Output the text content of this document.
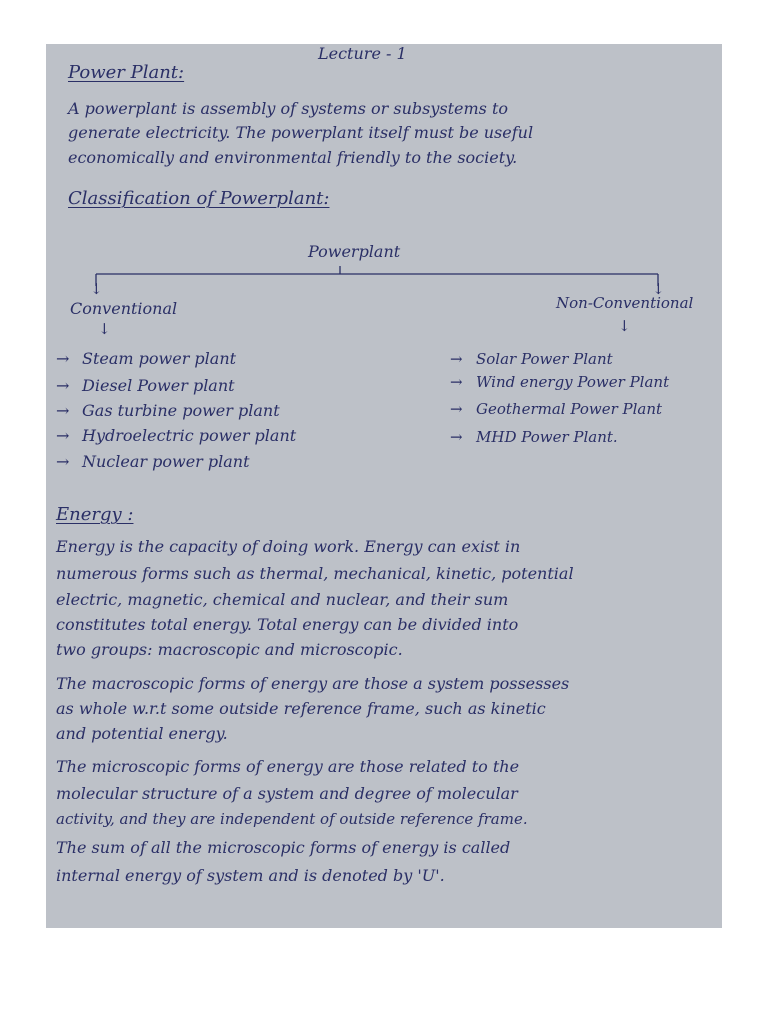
Lecture - 1
Power Plant:
A powerplant is assembly of systems or subsystems to
generate electricity. The powerplant itself must be useful
economically and environmental friendly to the society.
Classification of Powerplant:
Powerplant
↓	↓
Conventional	Non-Conventional
↓	↓
→ Steam power plant
→ Diesel Power plant
→ Gas turbine power plant
→ Hydroelectric power plant
→ Nuclear power plant
→ Solar Power Plant
→ Wind energy Power Plant
→ Geothermal Power Plant
→ MHD Power Plant.
Energy :
Energy is the capacity of doing work. Energy can exist in
numerous forms such as thermal, mechanical, kinetic, potential
electric, magnetic, chemical and nuclear, and their sum
constitutes total energy. Total energy can be divided into
two groups: macroscopic and microscopic.
The macroscopic forms of energy are those a system possesses
as whole w.r.t some outside reference frame, such as kinetic
and potential energy.
The microscopic forms of energy are those related to the
molecular structure of a system and degree of molecular
activity, and they are independent of outside reference frame.
The sum of all the microscopic forms of energy is called
internal energy of system and is denoted by 'U'.
